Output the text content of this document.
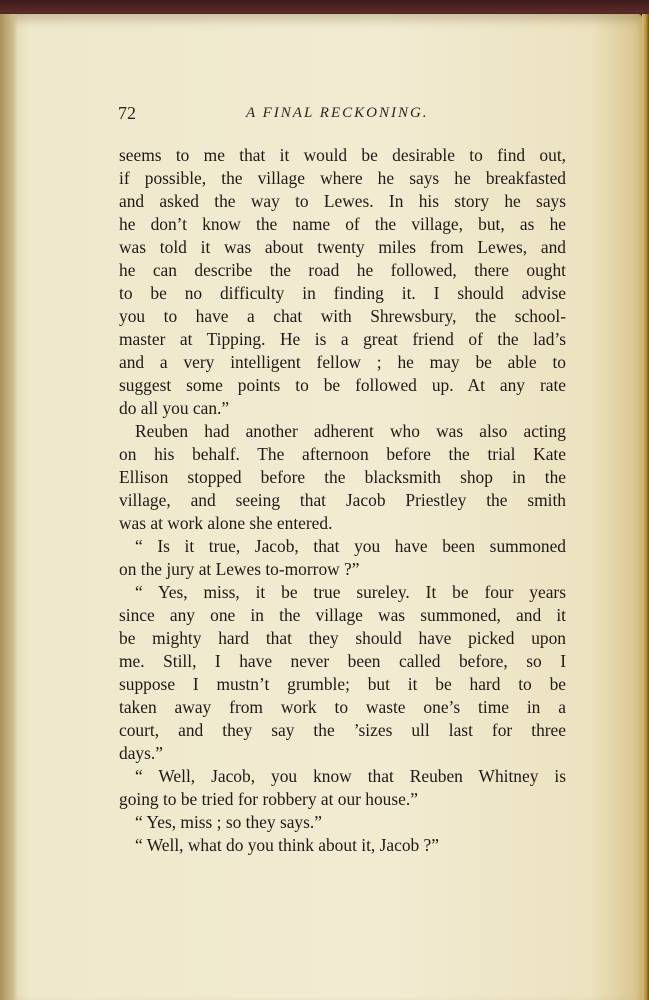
72	A FINAL RECKONING.
seems to me that it would be desirable to find out,
if possible, the village where he says he breakfasted
and asked the way to Lewes. In his story he says
he don’t know the name of the village, but, as he
was told it was about twenty miles from Lewes, and
he can describe the road he followed, there ought
to be no difficulty in finding it. I should advise
you to have a chat with Shrewsbury, the school-
master at Tipping. He is a great friend of the lad’s
and a very intelligent fellow ; he may be able to
suggest some points to be followed up. At any rate
do all you can.”
Reuben had another adherent who was also acting
on his behalf. The afternoon before the trial Kate
Ellison stopped before the blacksmith shop in the
village, and seeing that Jacob Priestley the smith
was at work alone she entered.
“ Is it true, Jacob, that you have been summoned
on the jury at Lewes to-morrow ?”
“ Yes, miss, it be true sureley. It be four years
since any one in the village was summoned, and it
be mighty hard that they should have picked upon
me. Still, I have never been called before, so I
suppose I mustn’t grumble; but it be hard to be
taken away from work to waste one’s time in a
court, and they say the ’sizes ull last for three
days.”
“ Well, Jacob, you know that Reuben Whitney is
going to be tried for robbery at our house.”
“ Yes, miss ; so they says.”
“ Well, what do you think about it, Jacob ?”
